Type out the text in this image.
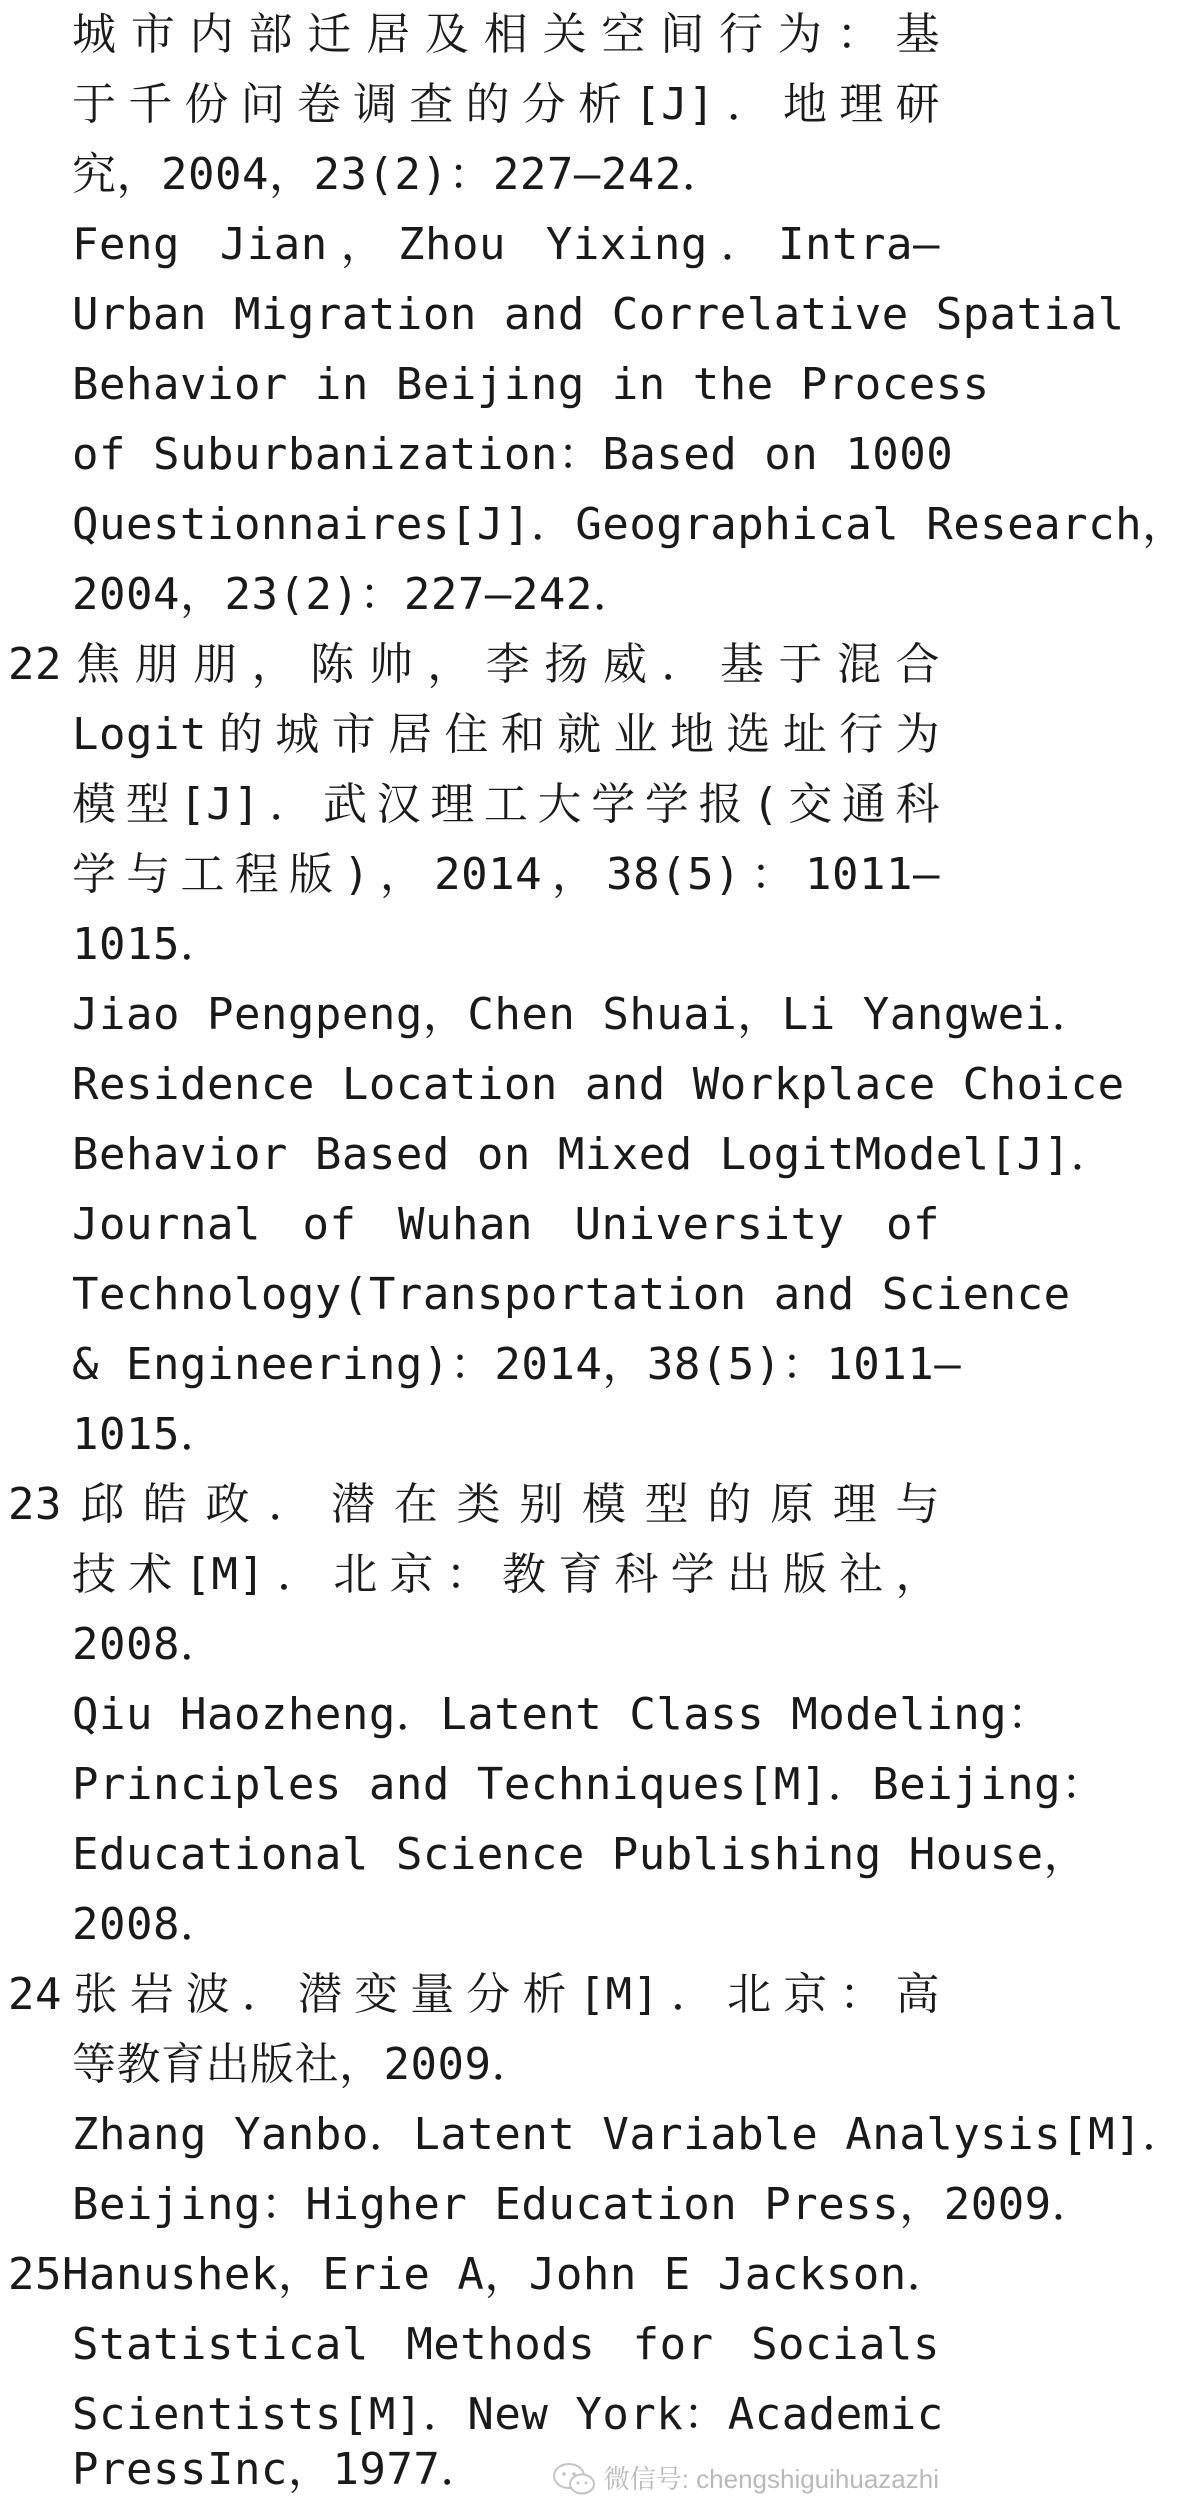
城市内部迁居及相关空间行为：基
于千份问卷调查的分析[J]．地理研
究，2004，23(2)：227—242．
Feng Jian，Zhou Yixing．Intra—
Urban Migration and Correlative Spatial
Behavior in Beijing in the Process
of Suburbanization：Based on 1000
Questionnaires[J]．Geographical Research，
2004，23(2)：227—242．
22焦朋朋，陈帅，李扬威．基于混合
Logit的城市居住和就业地选址行为
模型[J]．武汉理工大学学报(交通科
学与工程版)，2014，38(5)：1011—
1015．
Jiao Pengpeng，Chen Shuai，Li Yangwei．
Residence Location and Workplace Choice
Behavior Based on Mixed LogitModel[J]．
Journal of Wuhan University of
Technology(Transportation and Science
& Engineering)：2014，38(5)：1011—
1015．
23邱皓政．潜在类别模型的原理与
技术[M]．北京：教育科学出版社，
2008．
Qiu Haozheng．Latent Class Modeling：
Principles and Techniques[M]．Beijing：
Educational Science Publishing House，
2008．
24张岩波．潜变量分析[M]．北京：高
等教育出版社，2009．
Zhang Yanbo．Latent Variable Analysis[M]．
Beijing：Higher Education Press，2009．
25Hanushek，Erie A，John E Jackson．
Statistical Methods for Socials
Scientists[M]．New York：Academic
PressInc，1977．	微信号: chengshiguihuazazhi
